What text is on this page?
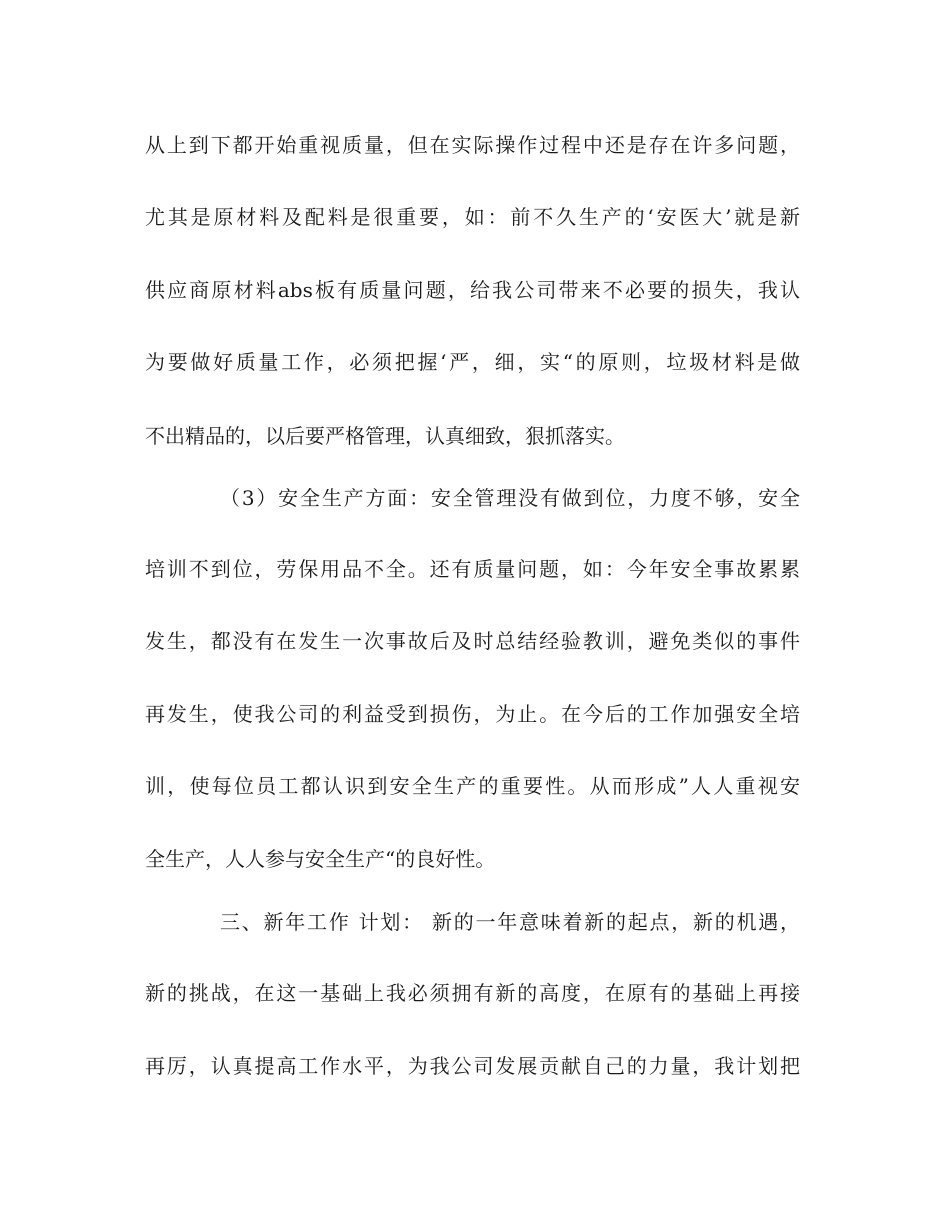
从上到下都开始重视质量，但在实际操作过程中还是存在许多问题，
尤其是原材料及配料是很重要，如：前不久生产的‘安医大’就是新
供应商原材料abs板有质量问题，给我公司带来不必要的损失，我认
为要做好质量工作，必须把握‘严，细，实“的原则，垃圾材料是做
不出精品的，以后要严格管理，认真细致，狠抓落实。
（3）安全生产方面：安全管理没有做到位，力度不够，安全
培训不到位，劳保用品不全。还有质量问题，如：今年安全事故累累
发生，都没有在发生一次事故后及时总结经验教训，避免类似的事件
再发生，使我公司的利益受到损伤，为止。在今后的工作加强安全培
训，使每位员工都认识到安全生产的重要性。从而形成”人人重视安
全生产，人人参与安全生产“的良好性。
三、新年工作 计划： 新的一年意味着新的起点，新的机遇，
新的挑战，在这一基础上我必须拥有新的高度，在原有的基础上再接
再厉，认真提高工作水平，为我公司发展贡献自己的力量，我计划把
